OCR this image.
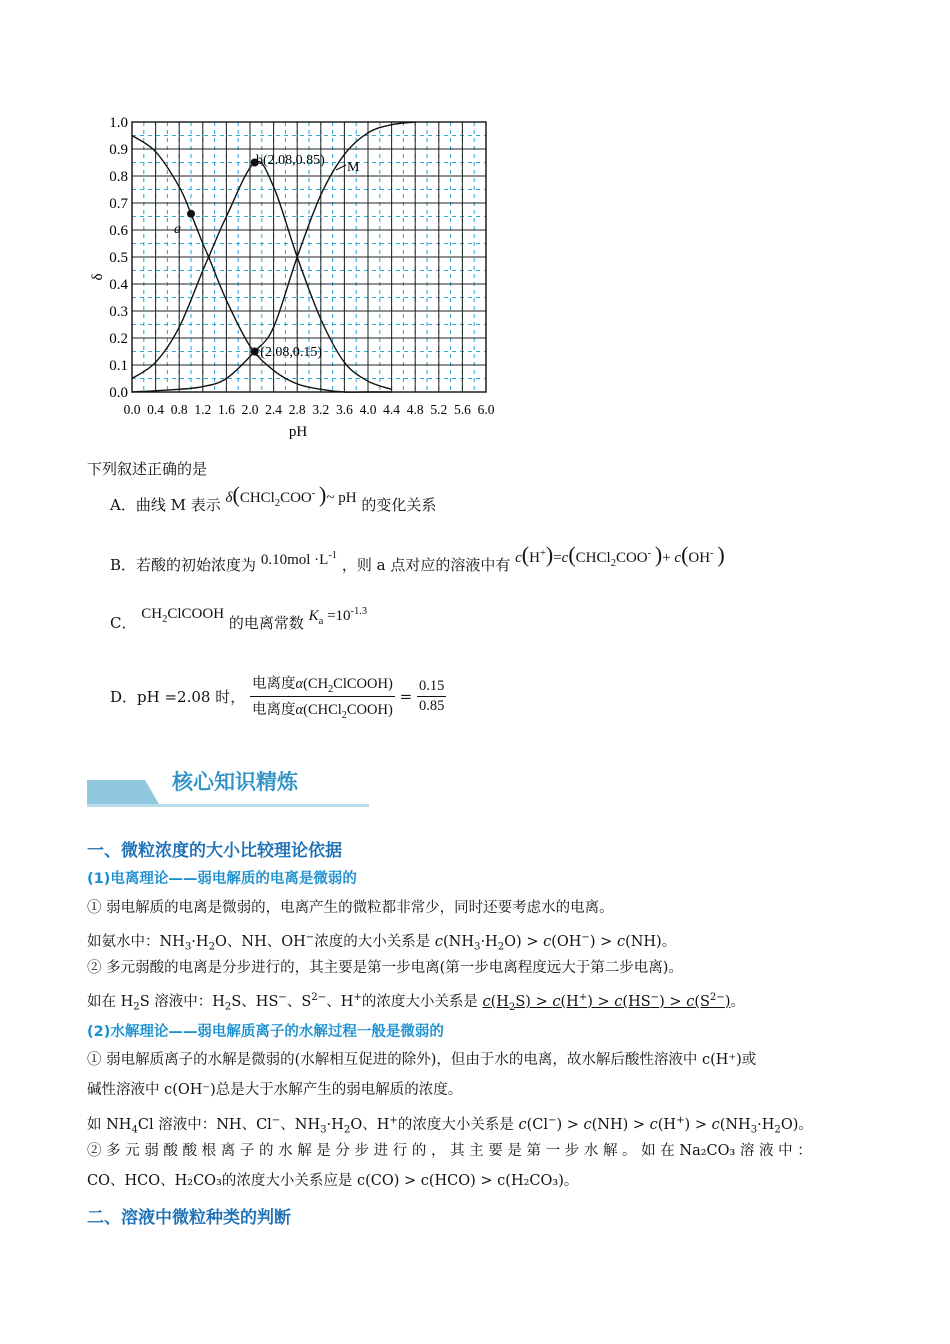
0.0
0.1
0.2
0.3
0.4
0.5
0.6
0.7
0.8
0.9
1.0
0.0 0.4 0.8 1.2 1.6 2.0 2.4 2.8 3.2 3.6 4.0 4.4 4.8 5.2 5.6 6.0
δ
pH
a
b(2.08,0.85)
c(2.08,0.15)
M
下列叙述正确的是
A．曲线 M 表示 δ(CHCl$_2$COO- )~ pH 的变化关系
B．若酸的初始浓度为 $0.10mol \cdot L^{-1}$ ，则 a 点对应的溶液中有 c(H+)=c(CHCl$_2$COO- )+ c(OH- )
C． $CH_2ClCOOH$ 的电离常数 $K_a =10^{-1.3}$
D．pH =2.08 时， $\frac{电离度\alpha(CH_2ClCOOH)}{电离度\alpha(CHCl_2COOH)} = \frac{0.15}{0.85}$
核心知识精炼
一、微粒浓度的大小比较理论依据
(1)电离理论——弱电解质的电离是微弱的
① 弱电解质的电离是微弱的，电离产生的微粒都非常少，同时还要考虑水的电离。
如氨水中：$NH_3\cdot H_2O$、NH、OH−浓度的大小关系是 $c(NH_3\cdot H_2O) > c(OH^-) > c(NH)$。
② 多元弱酸的电离是分步进行的，其主要是第一步电离(第一步电离程度远大于第二步电离)。
如在 $H_2S$ 溶液中：$H_2S$、HS−、$S^{2-}$、H+的浓度大小关系是 $c(H_2S) > c(H^+) > c(HS^-) > c(S^{2-})$。
(2)水解理论——弱电解质离子的水解过程一般是微弱的
① 弱电解质离子的水解是微弱的(水解相互促进的除外)，但由于水的电离，故水解后酸性溶液中 c(H⁺)或
碱性溶液中 c(OH⁻)总是大于水解产生的弱电解质的浓度。
如 $NH_4Cl$ 溶液中：NH、Cl−、$NH_3\cdot H_2O$、H+的浓度大小关系是 $c(Cl^-) > c(NH) > c(H^+) > c(NH_3\cdot H_2O)$。
② 多 元 弱 酸 酸 根 离 子 的 水 解 是 分 步 进 行 的 ， 其 主 要 是 第 一 步 水 解 。 如 在 Na₂CO₃ 溶 液 中 ：
CO、HCO、H₂CO₃的浓度大小关系应是 c(CO) > c(HCO) > c(H₂CO₃)。
二、溶液中微粒种类的判断
